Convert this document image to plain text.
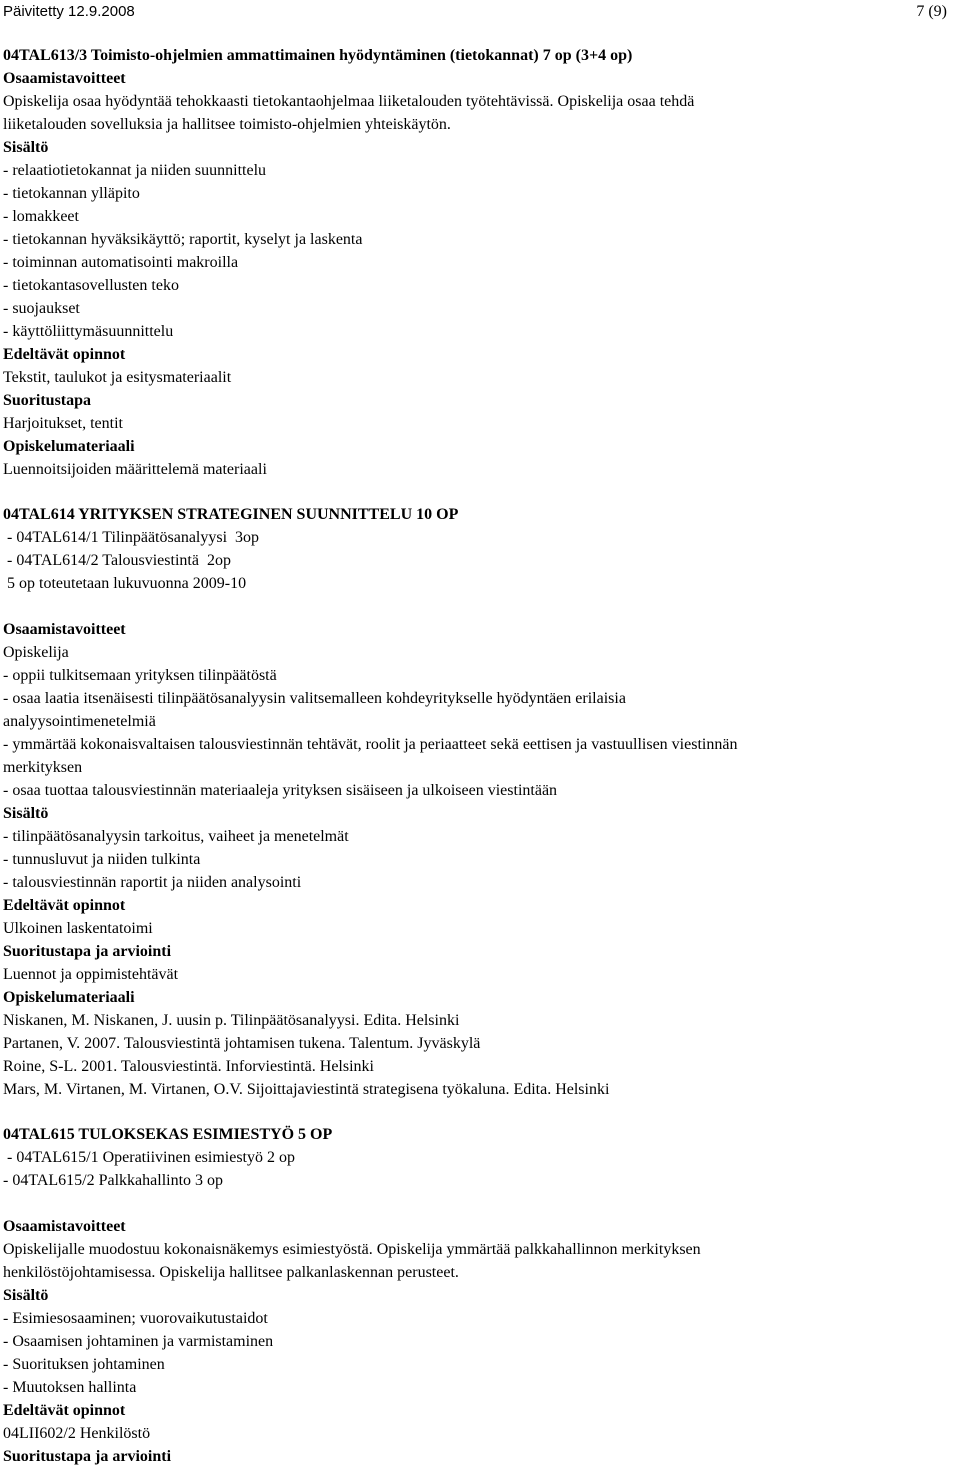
Päivitetty 12.9.2008	7 (9)
04TAL613/3 Toimisto-ohjelmien ammattimainen hyödyntäminen (tietokannat) 7 op (3+4 op)
Osaamistavoitteet
Opiskelija osaa hyödyntää tehokkaasti tietokantaohjelmaa liiketalouden työtehtävissä. Opiskelija osaa tehdä
liiketalouden sovelluksia ja hallitsee toimisto-ohjelmien yhteiskäytön.
Sisältö
- relaatiotietokannat ja niiden suunnittelu
- tietokannan ylläpito
- lomakkeet
- tietokannan hyväksikäyttö; raportit, kyselyt ja laskenta
- toiminnan automatisointi makroilla
- tietokantasovellusten teko
- suojaukset
- käyttöliittymäsuunnittelu
Edeltävät opinnot
Tekstit, taulukot ja esitysmateriaalit
Suoritustapa
Harjoitukset, tentit
Opiskelumateriaali
Luennoitsijoiden määrittelemä materiaali
04TAL614 YRITYKSEN STRATEGINEN SUUNNITTELU 10 OP
- 04TAL614/1 Tilinpäätösanalyysi  3op
- 04TAL614/2 Talousviestintä  2op
5 op toteutetaan lukuvuonna 2009-10
Osaamistavoitteet
Opiskelija
- oppii tulkitsemaan yrityksen tilinpäätöstä
- osaa laatia itsenäisesti tilinpäätösanalyysin valitsemalleen kohdeyritykselle hyödyntäen erilaisia
analyysointimenetelmiä
- ymmärtää kokonaisvaltaisen talousviestinnän tehtävät, roolit ja periaatteet sekä eettisen ja vastuullisen viestinnän
merkityksen
- osaa tuottaa talousviestinnän materiaaleja yrityksen sisäiseen ja ulkoiseen viestintään
Sisältö
- tilinpäätösanalyysin tarkoitus, vaiheet ja menetelmät
- tunnusluvut ja niiden tulkinta
- talousviestinnän raportit ja niiden analysointi
Edeltävät opinnot
Ulkoinen laskentatoimi
Suoritustapa ja arviointi
Luennot ja oppimistehtävät
Opiskelumateriaali
Niskanen, M. Niskanen, J. uusin p. Tilinpäätösanalyysi. Edita. Helsinki
Partanen, V. 2007. Talousviestintä johtamisen tukena. Talentum. Jyväskylä
Roine, S-L. 2001. Talousviestintä. Inforviestintä. Helsinki
Mars, M. Virtanen, M. Virtanen, O.V. Sijoittajaviestintä strategisena työkaluna. Edita. Helsinki
04TAL615 TULOKSEKAS ESIMIESTYÖ 5 OP
- 04TAL615/1 Operatiivinen esimiestyö 2 op
- 04TAL615/2 Palkkahallinto 3 op
Osaamistavoitteet
Opiskelijalle muodostuu kokonaisnäkemys esimiestyöstä. Opiskelija ymmärtää palkkahallinnon merkityksen
henkilöstöjohtamisessa. Opiskelija hallitsee palkanlaskennan perusteet.
Sisältö
- Esimiesosaaminen; vuorovaikutustaidot
- Osaamisen johtaminen ja varmistaminen
- Suorituksen johtaminen
- Muutoksen hallinta
Edeltävät opinnot
04LII602/2 Henkilöstö
Suoritustapa ja arviointi
